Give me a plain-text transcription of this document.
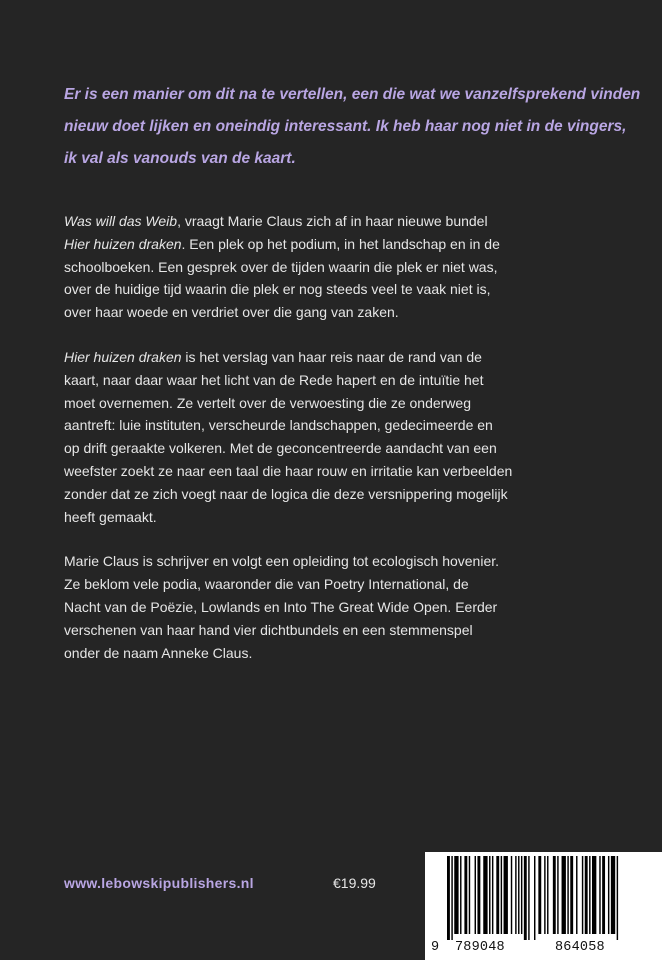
Er is een manier om dit na te vertellen, een die wat we vanzelfsprekend vinden
nieuw doet lijken en oneindig interessant. Ik heb haar nog niet in de vingers,
ik val als vanouds van de kaart.

Was will das Weib, vraagt Marie Claus zich af in haar nieuwe bundel
Hier huizen draken. Een plek op het podium, in het landschap en in de
schoolboeken. Een gesprek over de tijden waarin die plek er niet was,
over de huidige tijd waarin die plek er nog steeds veel te vaak niet is,
over haar woede en verdriet over die gang van zaken.

Hier huizen draken is het verslag van haar reis naar de rand van de
kaart, naar daar waar het licht van de Rede hapert en de intuïtie het
moet overnemen. Ze vertelt over de verwoesting die ze onderweg
aantreft: luie instituten, verscheurde landschappen, gedecimeerde en
op drift geraakte volkeren. Met de geconcentreerde aandacht van een
weefster zoekt ze naar een taal die haar rouw en irritatie kan verbeelden
zonder dat ze zich voegt naar de logica die deze versnippering mogelijk
heeft gemaakt.

Marie Claus is schrijver en volgt een opleiding tot ecologisch hovenier.
Ze beklom vele podia, waaronder die van Poetry International, de
Nacht van de Poëzie, Lowlands en Into The Great Wide Open. Eerder
verschenen van haar hand vier dichtbundels en een stemmenspel
onder de naam Anneke Claus.

www.lebowskipublishers.nl	€19.99
9 789048	864058
